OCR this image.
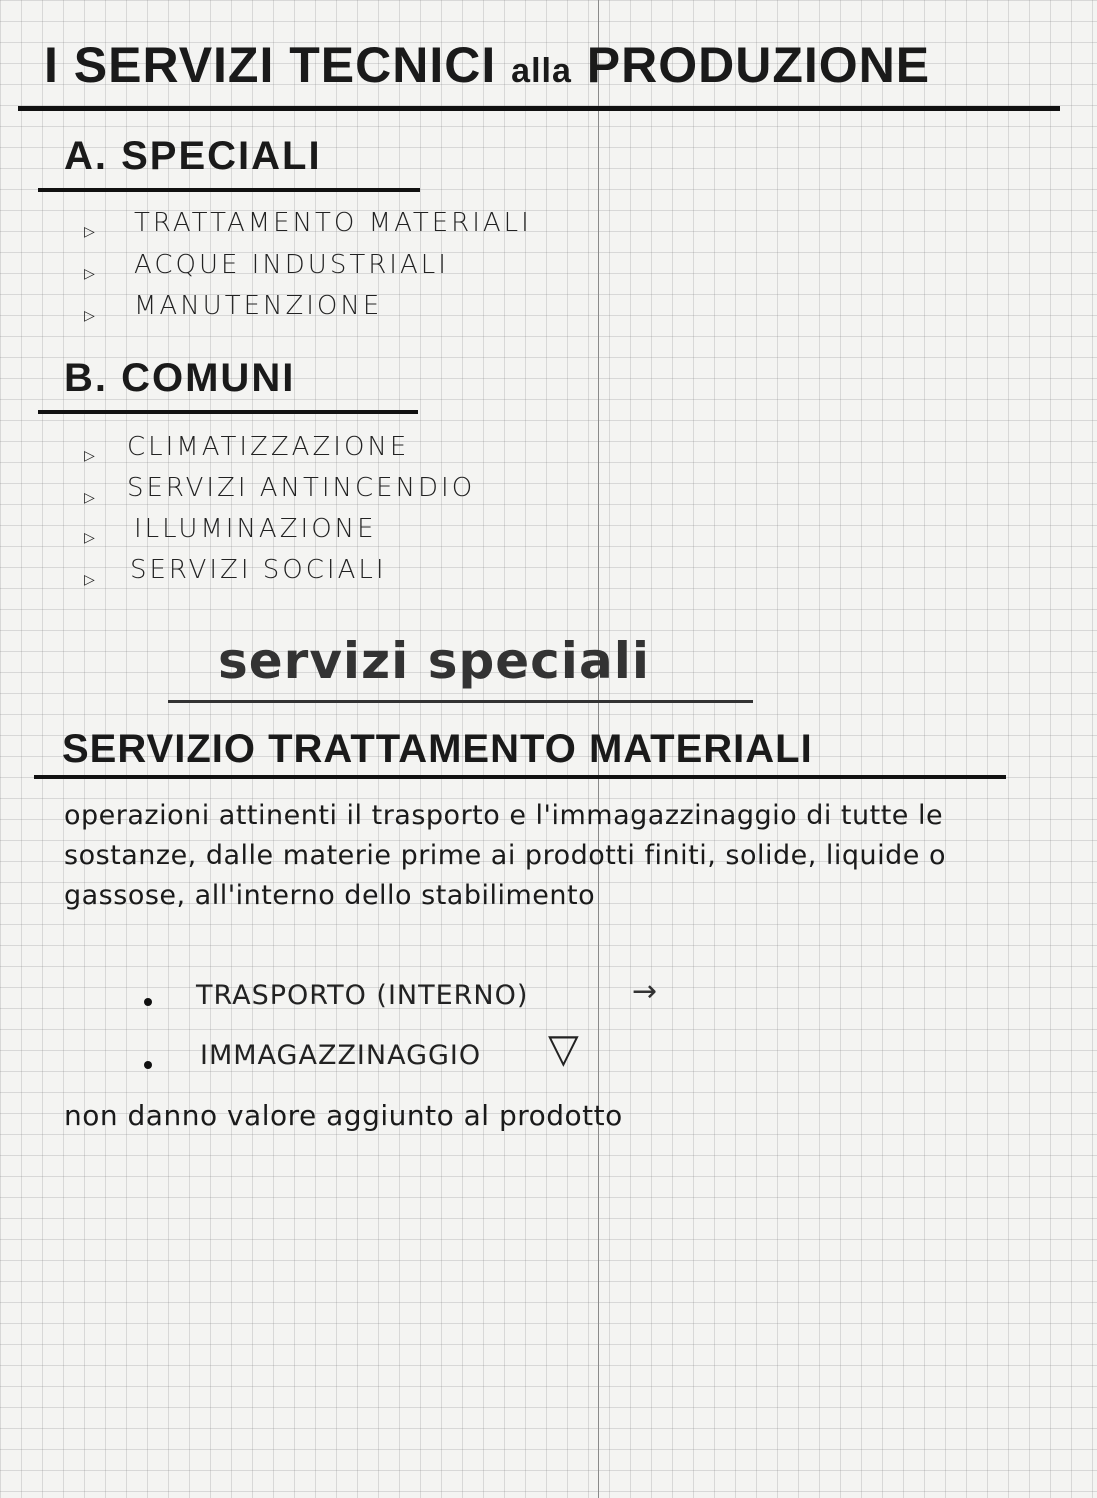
I SERVIZI TECNICI alla PRODUZIONE
A. SPECIALI
▷ TRATTAMENTO MATERIALI
▷ ACQUE INDUSTRIALI
▷ MANUTENZIONE
B. COMUNI
▷ CLIMATIZZAZIONE
▷ SERVIZI ANTINCENDIO
▷ ILLUMINAZIONE
▷ SERVIZI SOCIALI
servizi speciali
SERVIZIO TRATTAMENTO MATERIALI
operazioni attinenti il trasporto e l'immagazzinaggio di tutte le sostanze, dalle materie prime ai prodotti finiti, solide, liquide o gassose, all'interno dello stabilimento
TRASPORTO (INTERNO)	→
IMMAGAZZINAGGIO ▽
non danno valore aggiunto al prodotto
